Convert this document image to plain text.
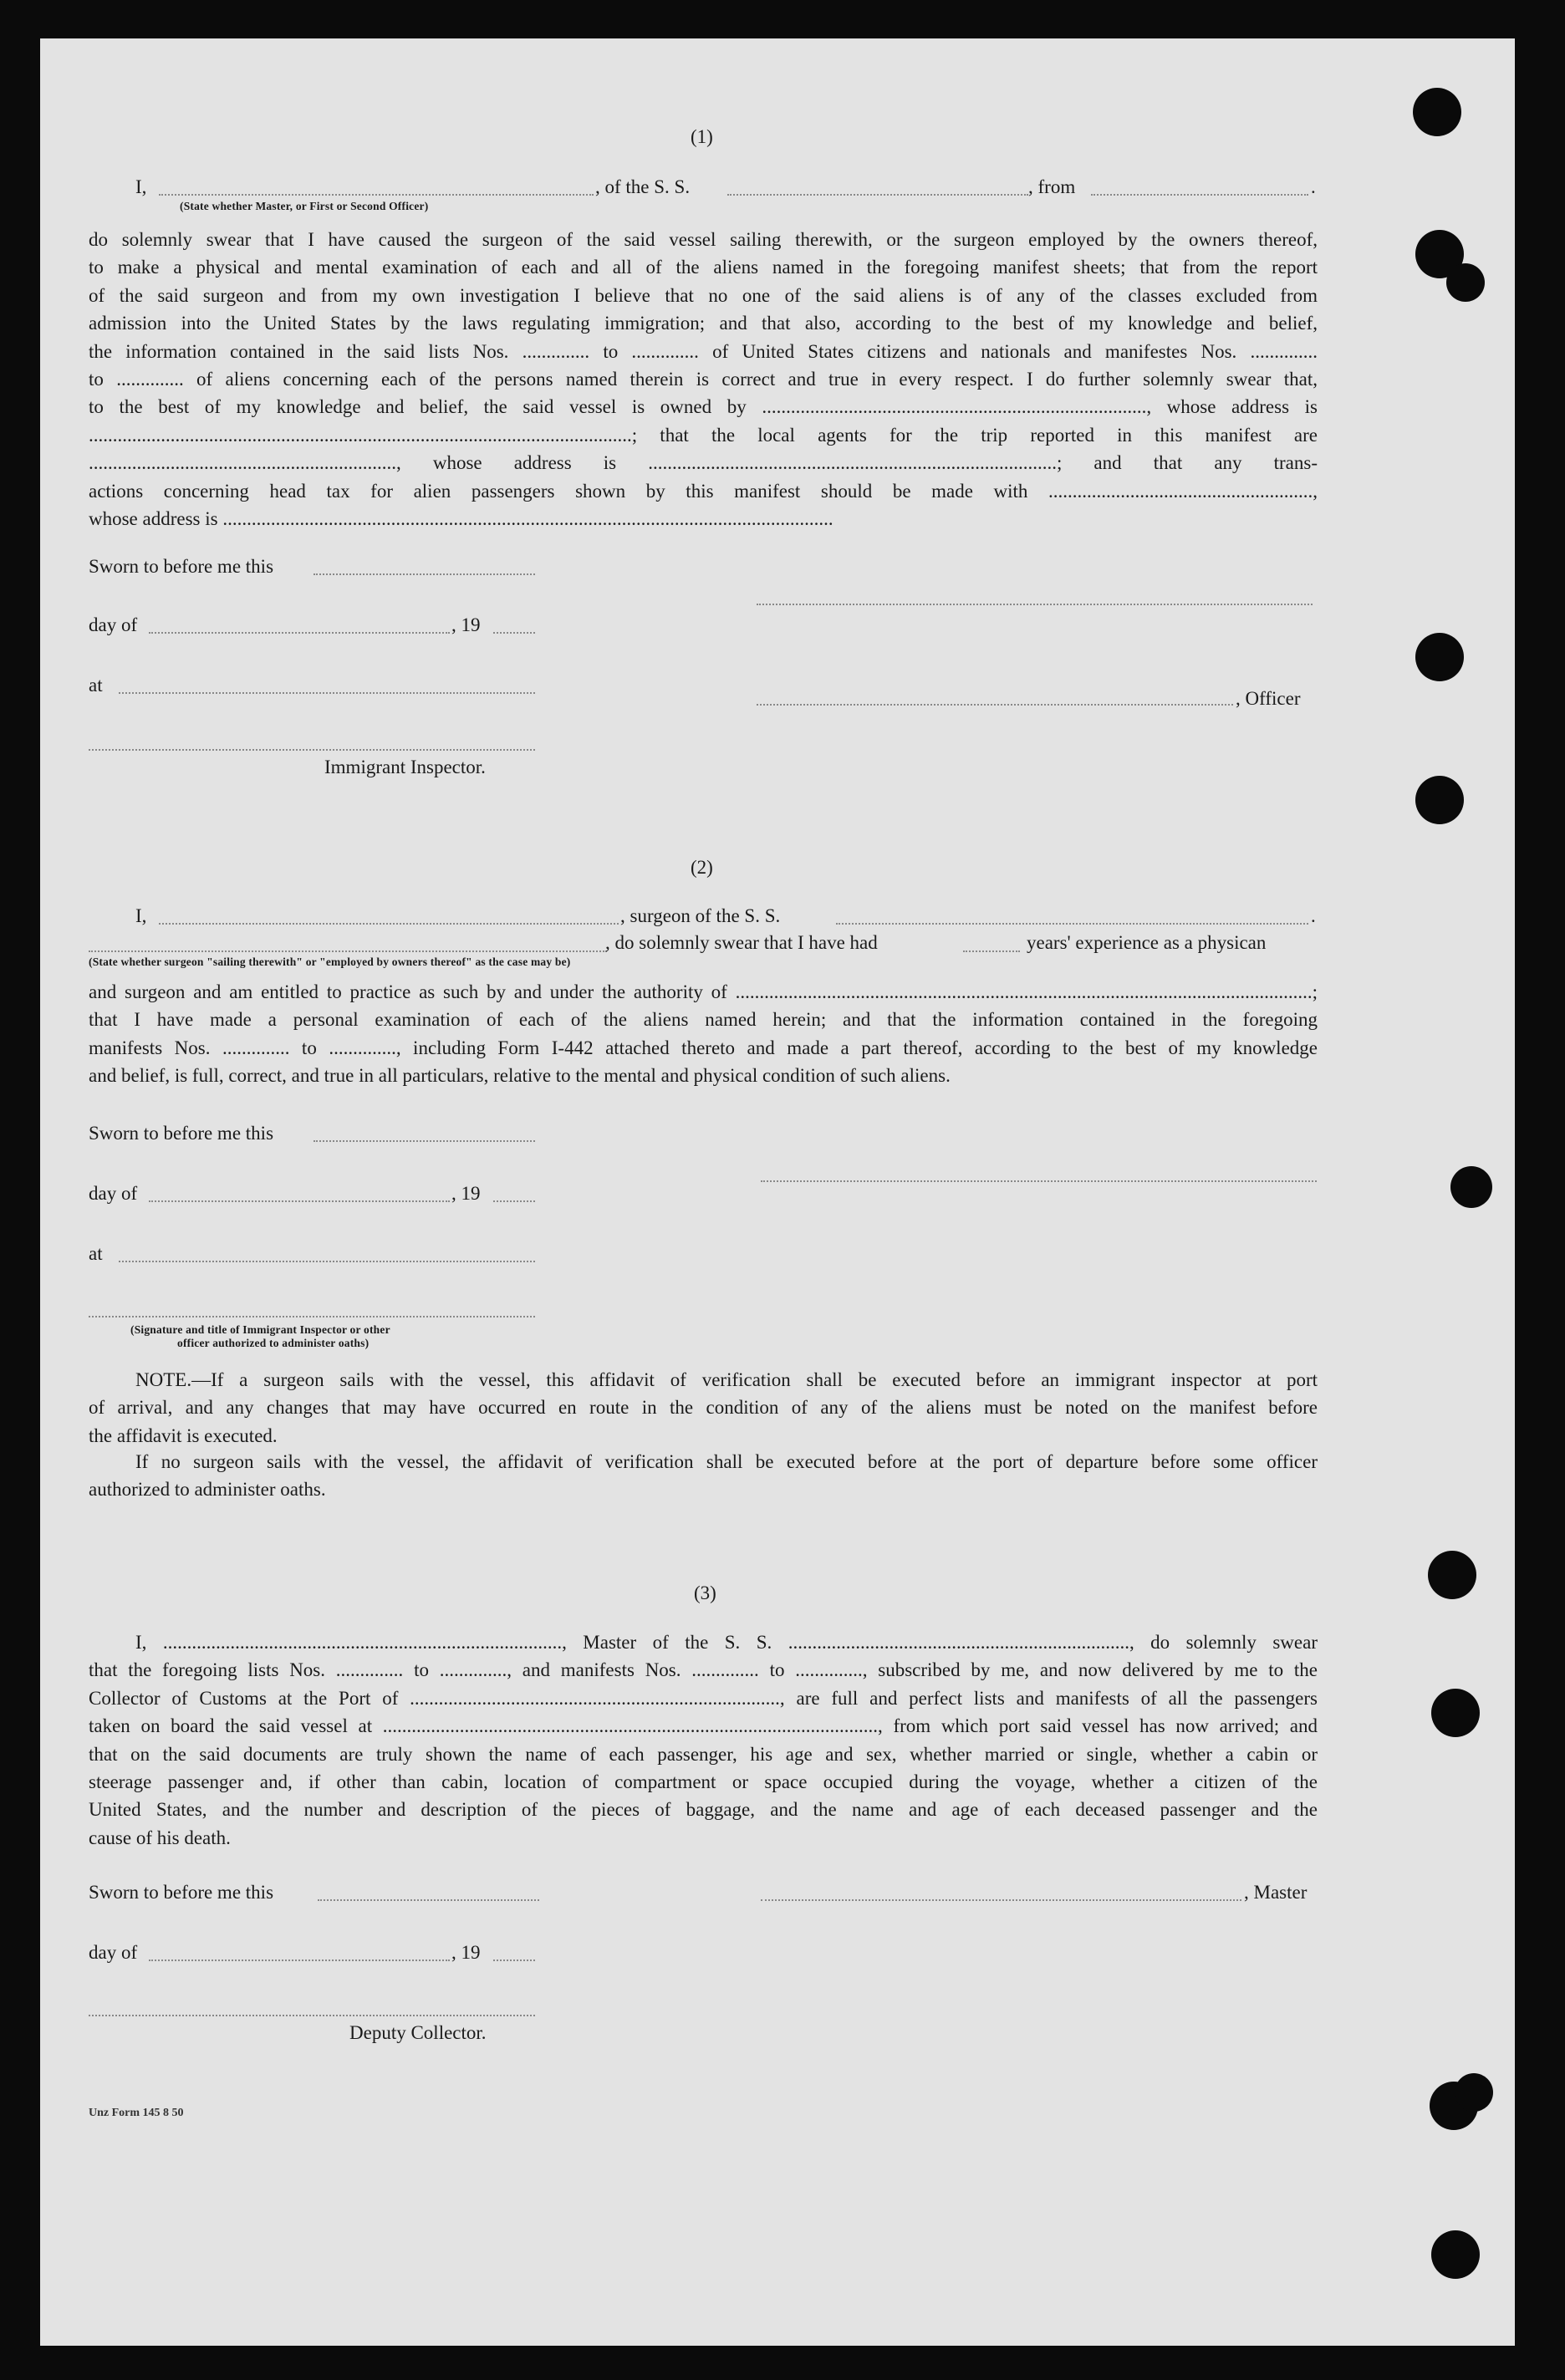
(1)
I,	, of the S. S.	, from	.
(State whether Master, or First or Second Officer)
do solemnly swear that I have caused the surgeon of the said vessel sailing therewith, or the surgeon employed by the owners thereof,
to make a physical and mental examination of each and all of the aliens named in the foregoing manifest sheets; that from the report
of the said surgeon and from my own investigation I believe that no one of the said aliens is of any of the classes excluded from
admission into the United States by the laws regulating immigration; and that also, according to the best of my knowledge and belief,
the information contained in the said lists Nos. .............. to .............. of United States citizens and nationals and manifestes Nos. ..............
to .............. of aliens concerning each of the persons named therein is correct and true in every respect. I do further solemnly swear that,
to the best of my knowledge and belief, the said vessel is owned by ................................................................................, whose address is
.................................................................................................................; that the local agents for the trip reported in this manifest are
................................................................, whose address is .....................................................................................; and that any trans-
actions concerning head tax for alien passengers shown by this manifest should be made with .......................................................,
whose address is ...............................................................................................................................
Sworn to before me this
day of	, 19
at
, Officer
Immigrant Inspector.
(2)
I,	, surgeon of the S. S.	.
, do solemnly swear that I have had	years' experience as a physican
(State whether surgeon "sailing therewith" or "employed by owners thereof" as the case may be)
and surgeon and am entitled to practice as such by and under the authority of ........................................................................................................................;
that I have made a personal examination of each of the aliens named herein; and that the information contained in the foregoing
manifests Nos. .............. to .............., including Form I-442 attached thereto and made a part thereof, according to the best of my knowledge
and belief, is full, correct, and true in all particulars, relative to the mental and physical condition of such aliens.
Sworn to before me this
day of	, 19
at
(Signature and title of Immigrant Inspector or other
officer authorized to administer oaths)
NOTE.—If a surgeon sails with the vessel, this affidavit of verification shall be executed before an immigrant inspector at port
of arrival, and any changes that may have occurred en route in the condition of any of the aliens must be noted on the manifest before
the affidavit is executed.
If no surgeon sails with the vessel, the affidavit of verification shall be executed before at the port of departure before some officer
authorized to administer oaths.
(3)
I, ..................................................................................., Master of the S. S. ......................................................................., do solemnly swear
that the foregoing lists Nos. .............. to .............., and manifests Nos. .............. to .............., subscribed by me, and now delivered by me to the
Collector of Customs at the Port of ............................................................................., are full and perfect lists and manifests of all the passengers
taken on board the said vessel at ......................................................................................................., from which port said vessel has now arrived; and
that on the said documents are truly shown the name of each passenger, his age and sex, whether married or single, whether a cabin or
steerage passenger and, if other than cabin, location of compartment or space occupied during the voyage, whether a citizen of the
United States, and the number and description of the pieces of baggage, and the name and age of each deceased passenger and the
cause of his death.
Sworn to before me this	, Master
day of	, 19
Deputy Collector.
Unz Form 145 8 50
